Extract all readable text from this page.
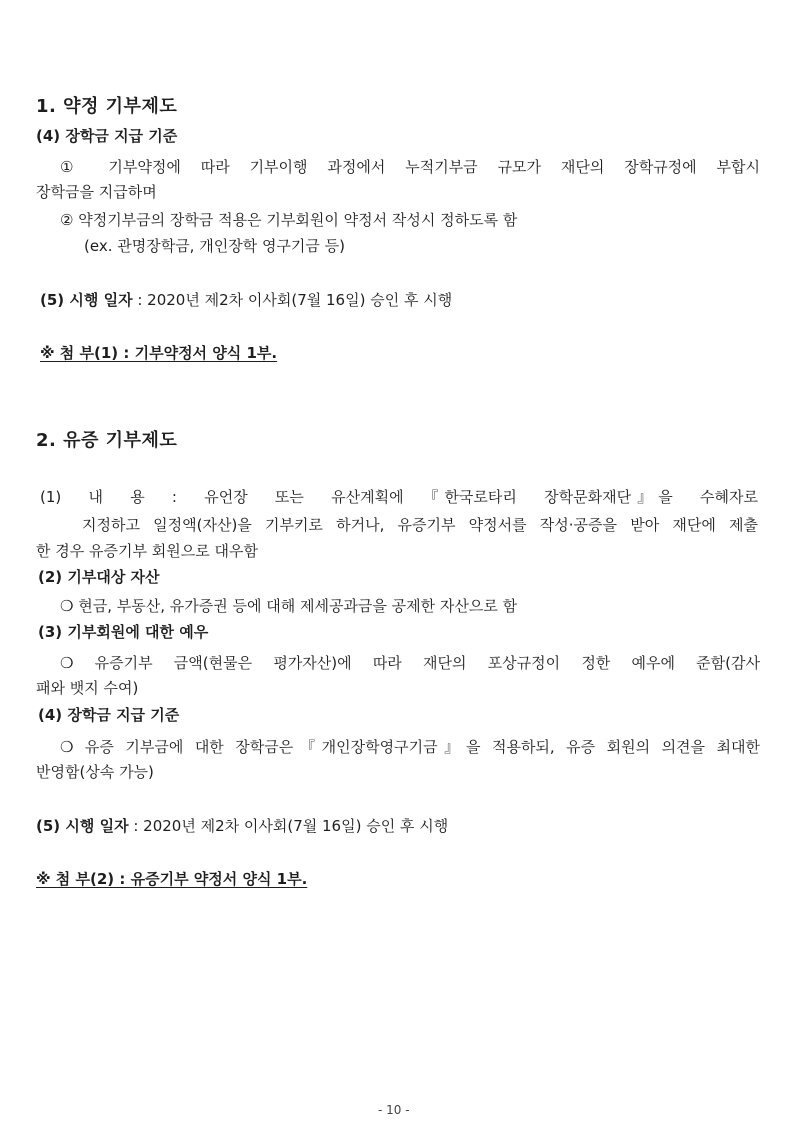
1. 약정 기부제도
(4) 장학금 지급 기준
① 기부약정에 따라 기부이행 과정에서 누적기부금 규모가 재단의 장학규정에 부합시
장학금을 지급하며
② 약정기부금의 장학금 적용은 기부회원이 약정서 작성시 정하도록 함
(ex. 관명장학금, 개인장학 영구기금 등)
(5) 시행 일자 : 2020년 제2차 이사회(7월 16일) 승인 후 시행
※ 첨 부(1) : 기부약정서 양식 1부.
2. 유증 기부제도
(1)　내　용　:　유언장　또는　유산계획에　『한국로타리　장학문화재단』을　수혜자로
지정하고 일정액(자산)을 기부키로 하거나, 유증기부 약정서를 작성·공증을 받아 재단에 제출
한 경우 유증기부 회원으로 대우함
(2) 기부대상 자산
❍ 현금, 부동산, 유가증권 등에 대해 제세공과금을 공제한 자산으로 함
(3) 기부회원에 대한 예우
❍ 유증기부 금액(현물은 평가자산)에 따라 재단의 포상규정이 정한 예우에 준함(감사
패와 뱃지 수여)
(4) 장학금 지급 기준
❍ 유증 기부금에 대한 장학금은『개인장학영구기금』을 적용하되, 유증 회원의 의견을 최대한
반영함(상속 가능)
(5) 시행 일자 : 2020년 제2차 이사회(7월 16일) 승인 후 시행
※ 첨 부(2) : 유증기부 약정서 양식 1부.
- 10 -
